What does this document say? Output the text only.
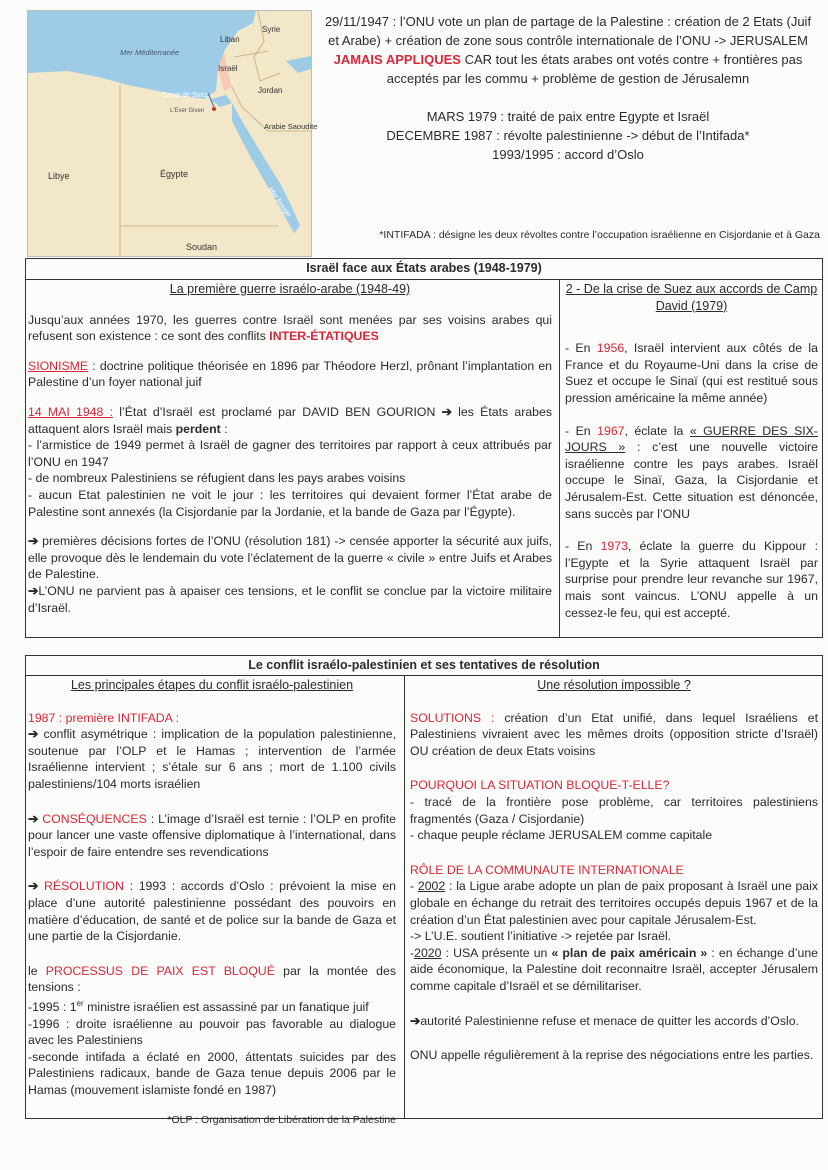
Syrie
Liban
Mer Méditerranée
Israël
Jordan
Canal de Suez
L'Ever Given
Arabie Saoudite
Libye	Égypte
Mer Rouge
Soudan

29/11/1947 : l’ONU vote un plan de partage de la Palestine : création de 2 Etats (Juif et Arabe) + création de zone sous contrôle internationale de l’ONU -> JERUSALEM

JAMAIS APPLIQUES CAR tout les états arabes ont votés contre + frontières pas acceptés par les commu + problème de gestion de Jérusalemn

MARS 1979 : traité de paix entre Egypte et Israël

DECEMBRE 1987 : révolte palestinienne -> début de l’Intifada*

1993/1995 : accord d’Oslo

*INTIFADA : désigne les deux révoltes contre l’occupation israélienne en Cisjordanie et à Gaza
Israël face aux États arabes (1948-1979)
La première guerre israélo-arabe (1948-49)

Jusqu’aux années 1970, les guerres contre Israël sont menées par ses voisins arabes qui refusent son existence : ce sont des conflits INTER-ÉTATIQUES

SIONISME : doctrine politique théorisée en 1896 par Théodore Herzl, prônant l’implantation en Palestine d’un foyer national juif

14 MAI 1948 : l’État d’Israël est proclamé par DAVID BEN GOURION ➔ les États arabes attaquent alors Israël mais perdent :
- l’armistice de 1949 permet à Israël de gagner des territoires par rapport à ceux attribués par l’ONU en 1947
- de nombreux Palestiniens se réfugient dans les pays arabes voisins
- aucun Etat palestinien ne voit le jour : les territoires qui devaient former l’État arabe de Palestine sont annexés (la Cisjordanie par la Jordanie, et la bande de Gaza par l’Égypte).

➔ premières décisions fortes de l’ONU (résolution 181) -> censée apporter la sécurité aux juifs, elle provoque dès le lendemain du vote l’éclatement de la guerre « civile » entre Juifs et Arabes de Palestine.
➔L’ONU ne parvient pas à apaiser ces tensions, et le conflit se conclue par la victoire militaire d’Israël.

2 - De la crise de Suez aux accords de Camp David (1979)

- En 1956, Israël intervient aux côtés de la France et du Royaume-Uni dans la crise de Suez et occupe le Sinaï (qui est restitué sous pression américaine la même année)

- En 1967, éclate la « GUERRE DES SIX-JOURS » : c’est une nouvelle victoire israélienne contre les pays arabes. Israël occupe le Sinaï, Gaza, la Cisjordanie et Jérusalem-Est. Cette situation est dénoncée, sans succès par l’ONU

- En 1973, éclate la guerre du Kippour : l’Egypte et la Syrie attaquent Israël par surprise pour prendre leur revanche sur 1967, mais sont vaincus. L’ONU appelle à un cessez-le feu, qui est accepté.

Le conflit israélo-palestinien et ses tentatives de résolution
Les principales étapes du conflit israélo-palestinien

1987 : première INTIFADA :
➔ conflit asymétrique : implication de la population palestinienne, soutenue par l’OLP et le Hamas ; intervention de l’armée Israélienne intervient ; s’étale sur 6 ans ; mort de 1.100 civils palestiniens/104 morts israélien

➔ CONSÉQUENCES : L’image d’Israël est ternie : l’OLP en profite pour lancer une vaste offensive diplomatique à l’international, dans l’espoir de faire entendre ses revendications

➔ RÉSOLUTION : 1993 : accords d’Oslo : prévoient la mise en place d’une autorité palestinienne possédant des pouvoirs en matière d’éducation, de santé et de police sur la bande de Gaza et une partie de la Cisjordanie.

le PROCESSUS DE PAIX EST BLOQUÉ par la montée des tensions :
-1995 : 1er ministre israélien est assassiné par un fanatique juif
-1996 : droite israélienne au pouvoir pas favorable au dialogue avec les Palestiniens
-seconde intifada a éclaté en 2000, áttentats suicides par des Palestiniens radicaux, bande de Gaza tenue depuis 2006 par le Hamas (mouvement islamiste fondé en 1987)

*OLP : Organisation de Libération de la Palestine
Une résolution impossible ?

SOLUTIONS : création d’un Etat unifié, dans lequel Israéliens et Palestiniens vivraient avec les mêmes droits (opposition stricte d’Israël) OU création de deux Etats voisins

POURQUOI LA SITUATION BLOQUE-T-ELLE?
- tracé de la frontière pose problème, car territoires palestiniens fragmentés (Gaza / Cisjordanie)
- chaque peuple réclame JERUSALEM comme capitale

RÔLE DE LA COMMUNAUTE INTERNATIONALE
- 2002 : la Ligue arabe adopte un plan de paix proposant à Israël une paix globale en échange du retrait des territoires occupés depuis 1967 et de la création d’un État palestinien avec pour capitale Jérusalem-Est.
-> L’U.E. soutient l’initiative -> rejetée par Israël.
-2020 : USA présente un « plan de paix américain » : en échange d’une aide économique, la Palestine doit reconnaitre Israël, accepter Jérusalem comme capitale d’Israël et se démilitariser.

➔autorité Palestinienne refuse et menace de quitter les accords d’Oslo.

ONU appelle régulièrement à la reprise des négociations entre les parties.
